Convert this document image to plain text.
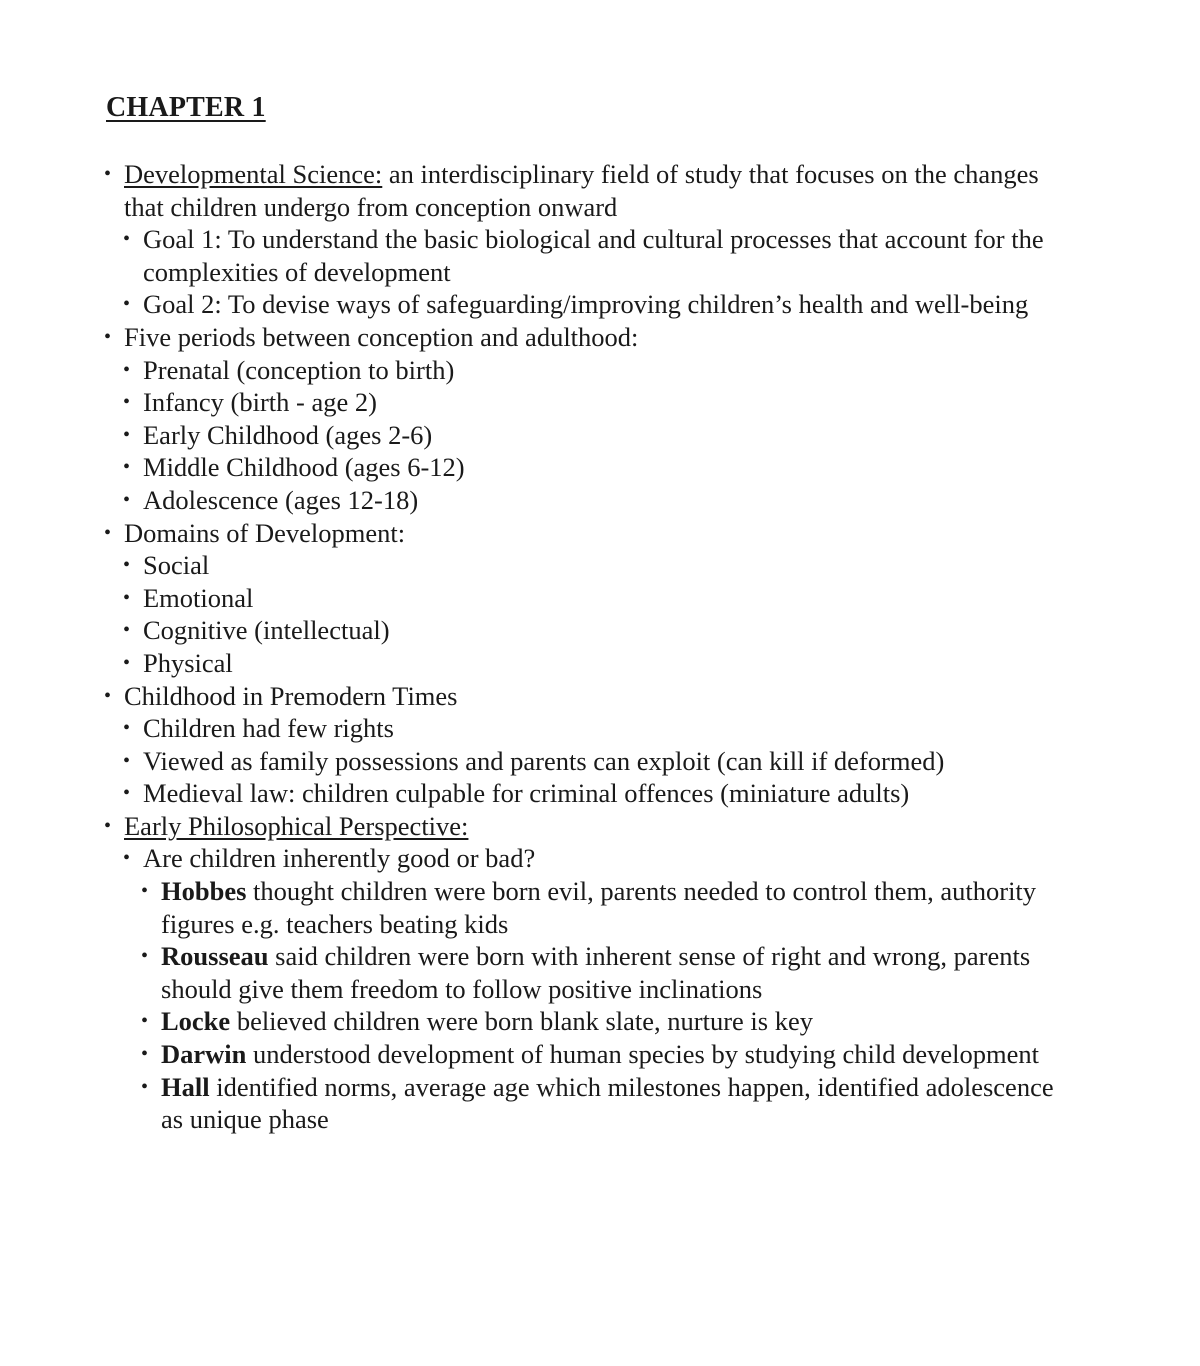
CHAPTER 1
• Developmental Science: an interdisciplinary field of study that focuses on the changes that children undergo from conception onward
• Goal 1: To understand the basic biological and cultural processes that account for the complexities of development
• Goal 2: To devise ways of safeguarding/improving children’s health and well-being
• Five periods between conception and adulthood:
• Prenatal (conception to birth)
• Infancy (birth - age 2)
• Early Childhood (ages 2-6)
• Middle Childhood (ages 6-12)
• Adolescence (ages 12-18)
• Domains of Development:
• Social
• Emotional
• Cognitive (intellectual)
• Physical
• Childhood in Premodern Times
• Children had few rights
• Viewed as family possessions and parents can exploit (can kill if deformed)
• Medieval law: children culpable for criminal offences (miniature adults)
• Early Philosophical Perspective:
• Are children inherently good or bad?
• Hobbes thought children were born evil, parents needed to control them, authority figures e.g. teachers beating kids
• Rousseau said children were born with inherent sense of right and wrong, parents should give them freedom to follow positive inclinations
• Locke believed children were born blank slate, nurture is key
• Darwin understood development of human species by studying child development
• Hall identified norms, average age which milestones happen, identified adolescence as unique phase
